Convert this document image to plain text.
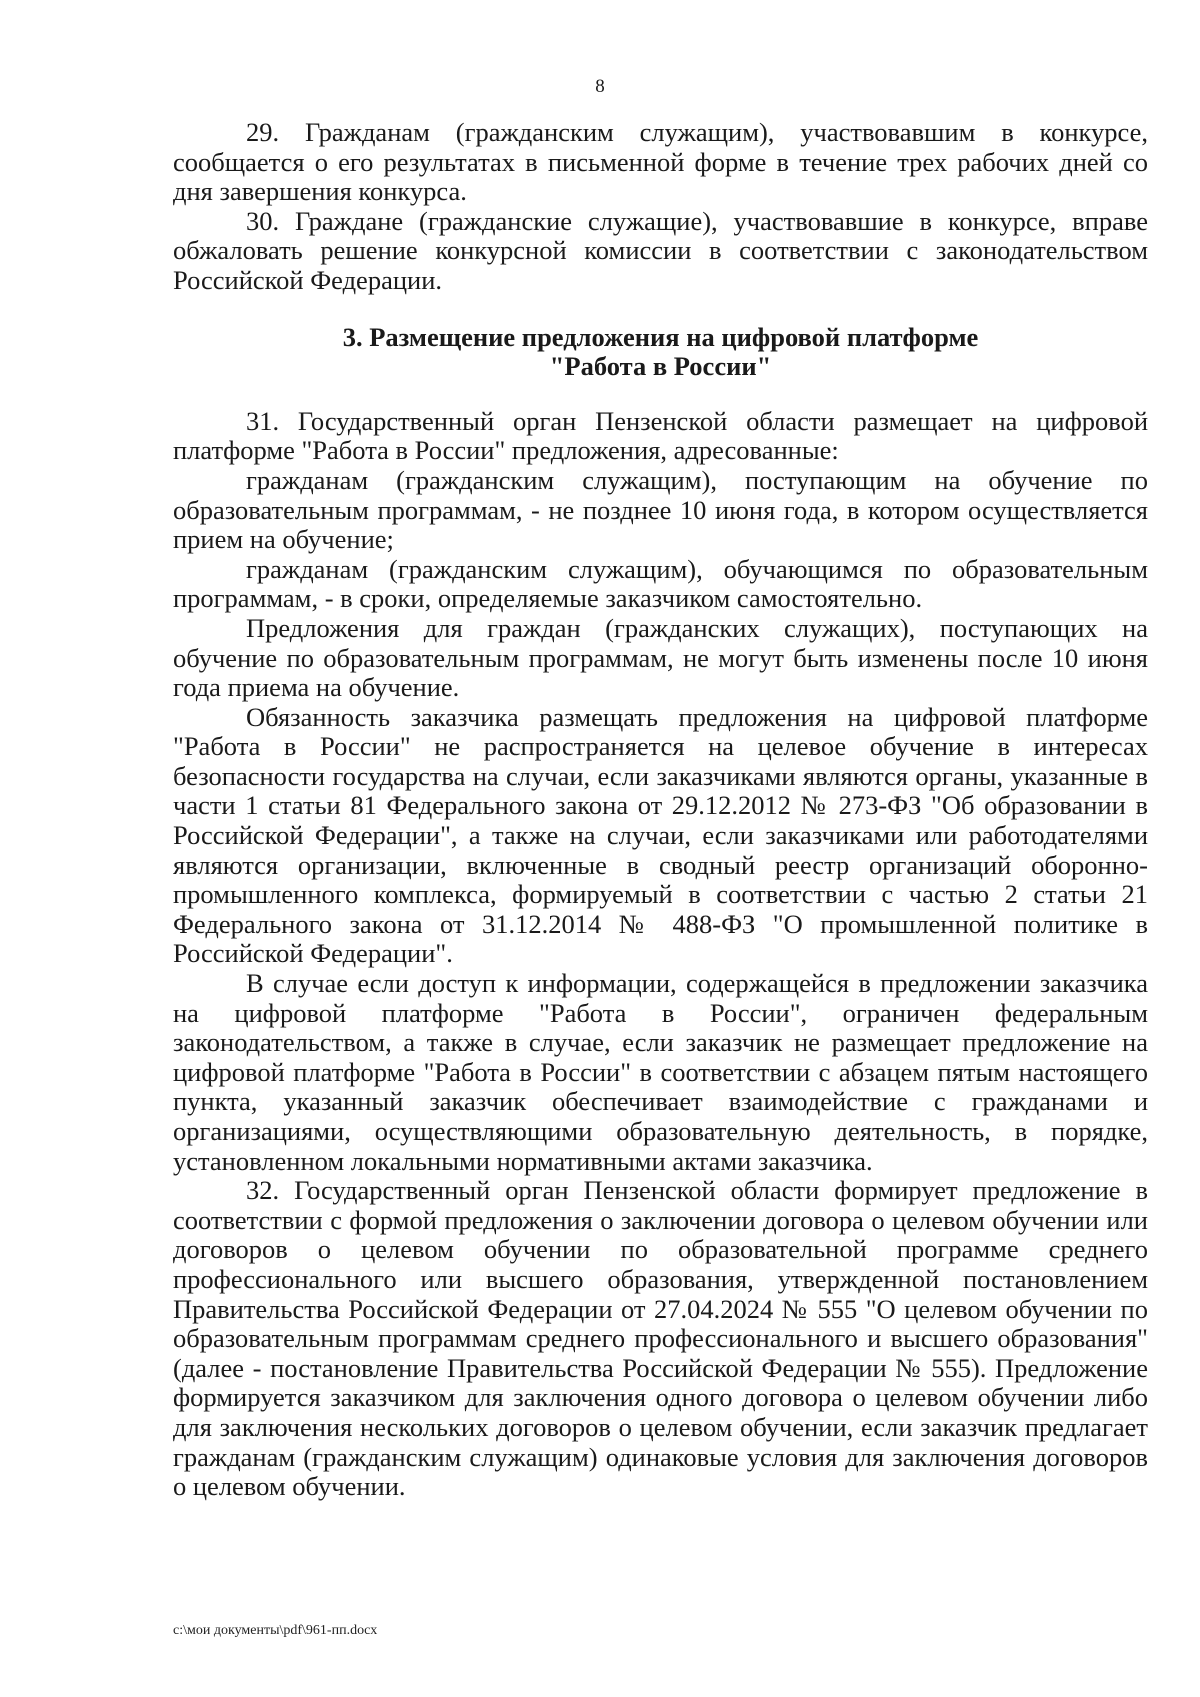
8

29. Гражданам (гражданским служащим), участвовавшим в конкурсе, сообщается о его результатах в письменной форме в течение трех рабочих дней со дня завершения конкурса.

30. Граждане (гражданские служащие), участвовавшие в конкурсе, вправе обжаловать решение конкурсной комиссии в соответствии с законодательством Российской Федерации.

3. Размещение предложения на цифровой платформе
"Работа в России"

31. Государственный орган Пензенской области размещает на цифровой платформе "Работа в России" предложения, адресованные:

гражданам (гражданским служащим), поступающим на обучение по образовательным программам, - не позднее 10 июня года, в котором осуществляется прием на обучение;

гражданам (гражданским служащим), обучающимся по образовательным программам, - в сроки, определяемые заказчиком самостоятельно.

Предложения для граждан (гражданских служащих), поступающих на обучение по образовательным программам, не могут быть изменены после 10 июня года приема на обучение.

Обязанность заказчика размещать предложения на цифровой платформе "Работа в России" не распространяется на целевое обучение в интересах безопасности государства на случаи, если заказчиками являются органы, указанные в части 1 статьи 81 Федерального закона от 29.12.2012 № 273-ФЗ "Об образовании в Российской Федерации", а также на случаи, если заказчиками или работодателями являются организации, включенные в сводный реестр организаций оборонно-промышленного комплекса, формируемый в соответствии с частью 2 статьи 21 Федерального закона от 31.12.2014 № 488-ФЗ "О промышленной политике в Российской Федерации".

В случае если доступ к информации, содержащейся в предложении заказчика на цифровой платформе "Работа в России", ограничен федеральным законодательством, а также в случае, если заказчик не размещает предложение на цифровой платформе "Работа в России" в соответствии с абзацем пятым настоящего пункта, указанный заказчик обеспечивает взаимодействие с гражданами и организациями, осуществляющими образовательную деятельность, в порядке, установленном локальными нормативными актами заказчика.

32. Государственный орган Пензенской области формирует предложение в соответствии с формой предложения о заключении договора о целевом обучении или договоров о целевом обучении по образовательной программе среднего профессионального или высшего образования, утвержденной постановлением Правительства Российской Федерации от 27.04.2024 № 555 "О целевом обучении по образовательным программам среднего профессионального и высшего образования" (далее - постановление Правительства Российской Федерации № 555). Предложение формируется заказчиком для заключения одного договора о целевом обучении либо для заключения нескольких договоров о целевом обучении, если заказчик предлагает гражданам (гражданским служащим) одинаковые условия для заключения договоров о целевом обучении.

c:\мои документы\pdf\961-пп.docx
